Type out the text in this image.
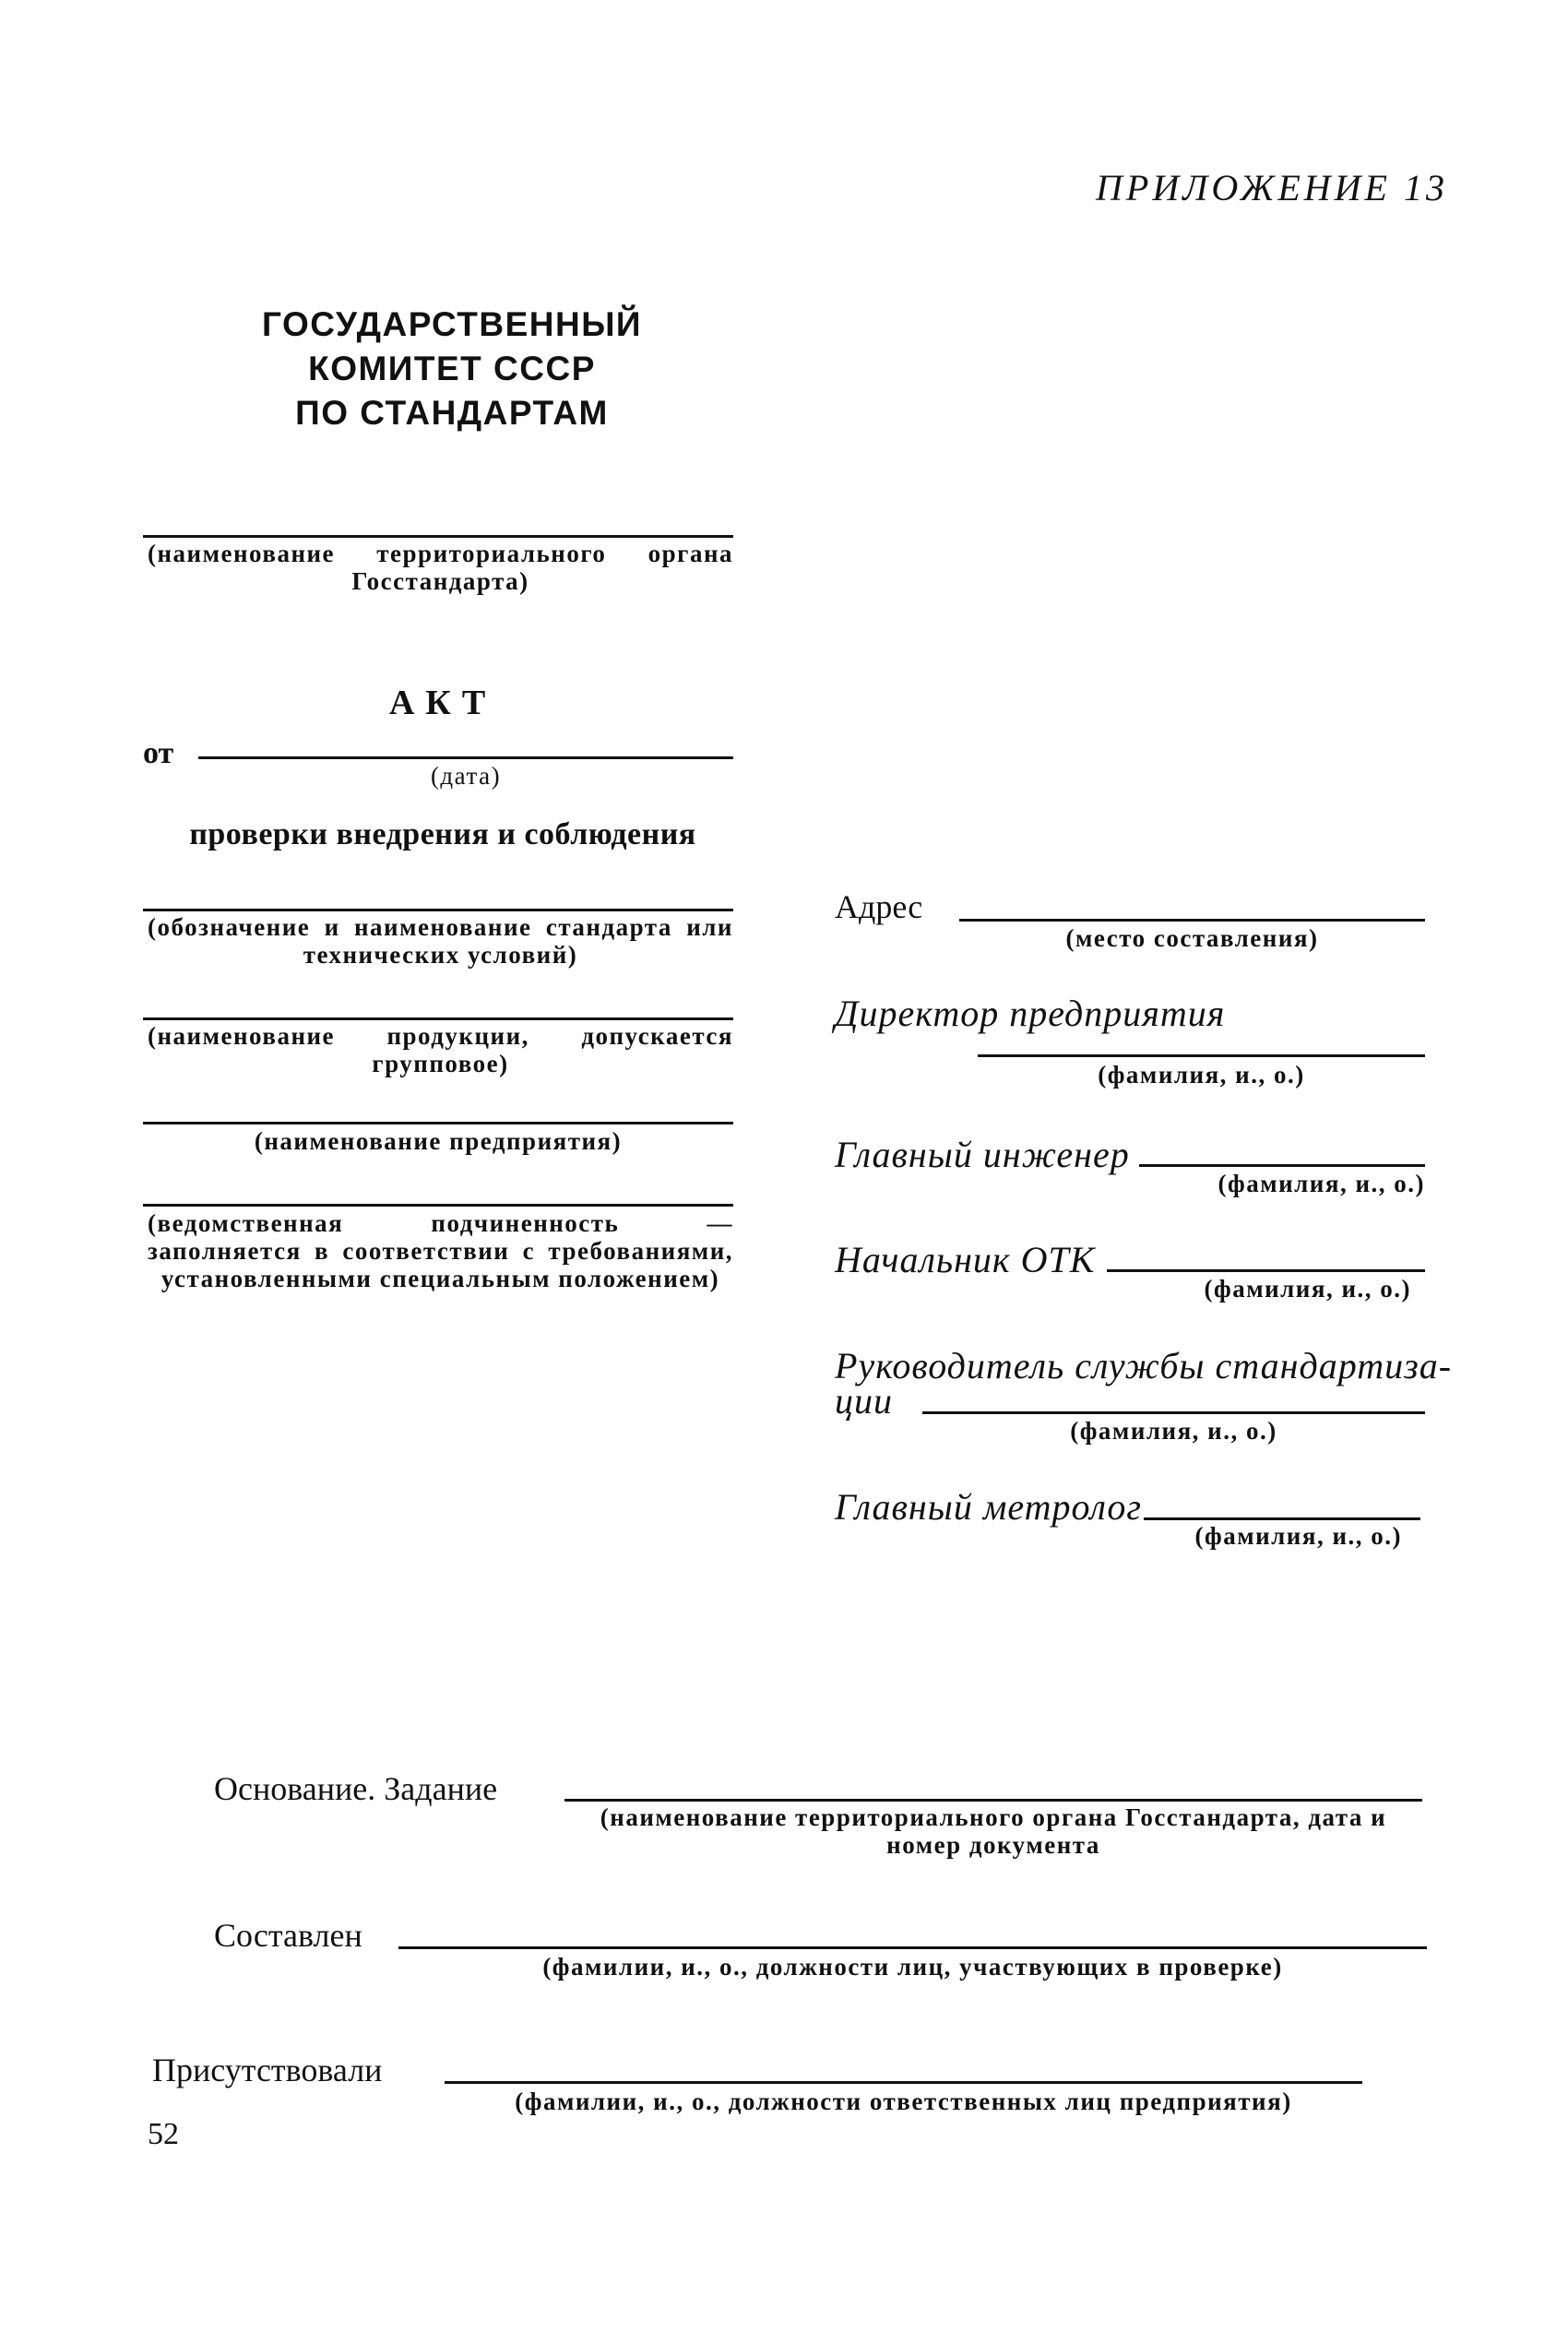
ПРИЛОЖЕНИЕ 13
ГОСУДАРСТВЕННЫЙ
КОМИТЕТ СССР
ПО СТАНДАРТАМ
(наименование территориального органа Госстандарта)
АКТ
от
(дата)
проверки внедрения и соблюдения
(обозначение и наименование стандарта или технических условий)
(наименование продукции, допускается групповое)
(наименование предприятия)
(ведомственная подчиненность — заполняется в соответствии с требованиями, установленными специальным положением)
Адрес
(место составления)
Директор предприятия
(фамилия, и., о.)
Главный инженер
(фамилия, и., о.)
Начальник ОТК
(фамилия, и., о.)
Руководитель службы стандартиза-
ции
(фамилия, и., о.)
Главный метролог
(фамилия, и., о.)
Основание. Задание
(наименование территориального органа Госстандарта, дата и номер документа
Составлен
(фамилии, и., о., должности лиц, участвующих в проверке)
Присутствовали
(фамилии, и., о., должности ответственных лиц предприятия)
52
